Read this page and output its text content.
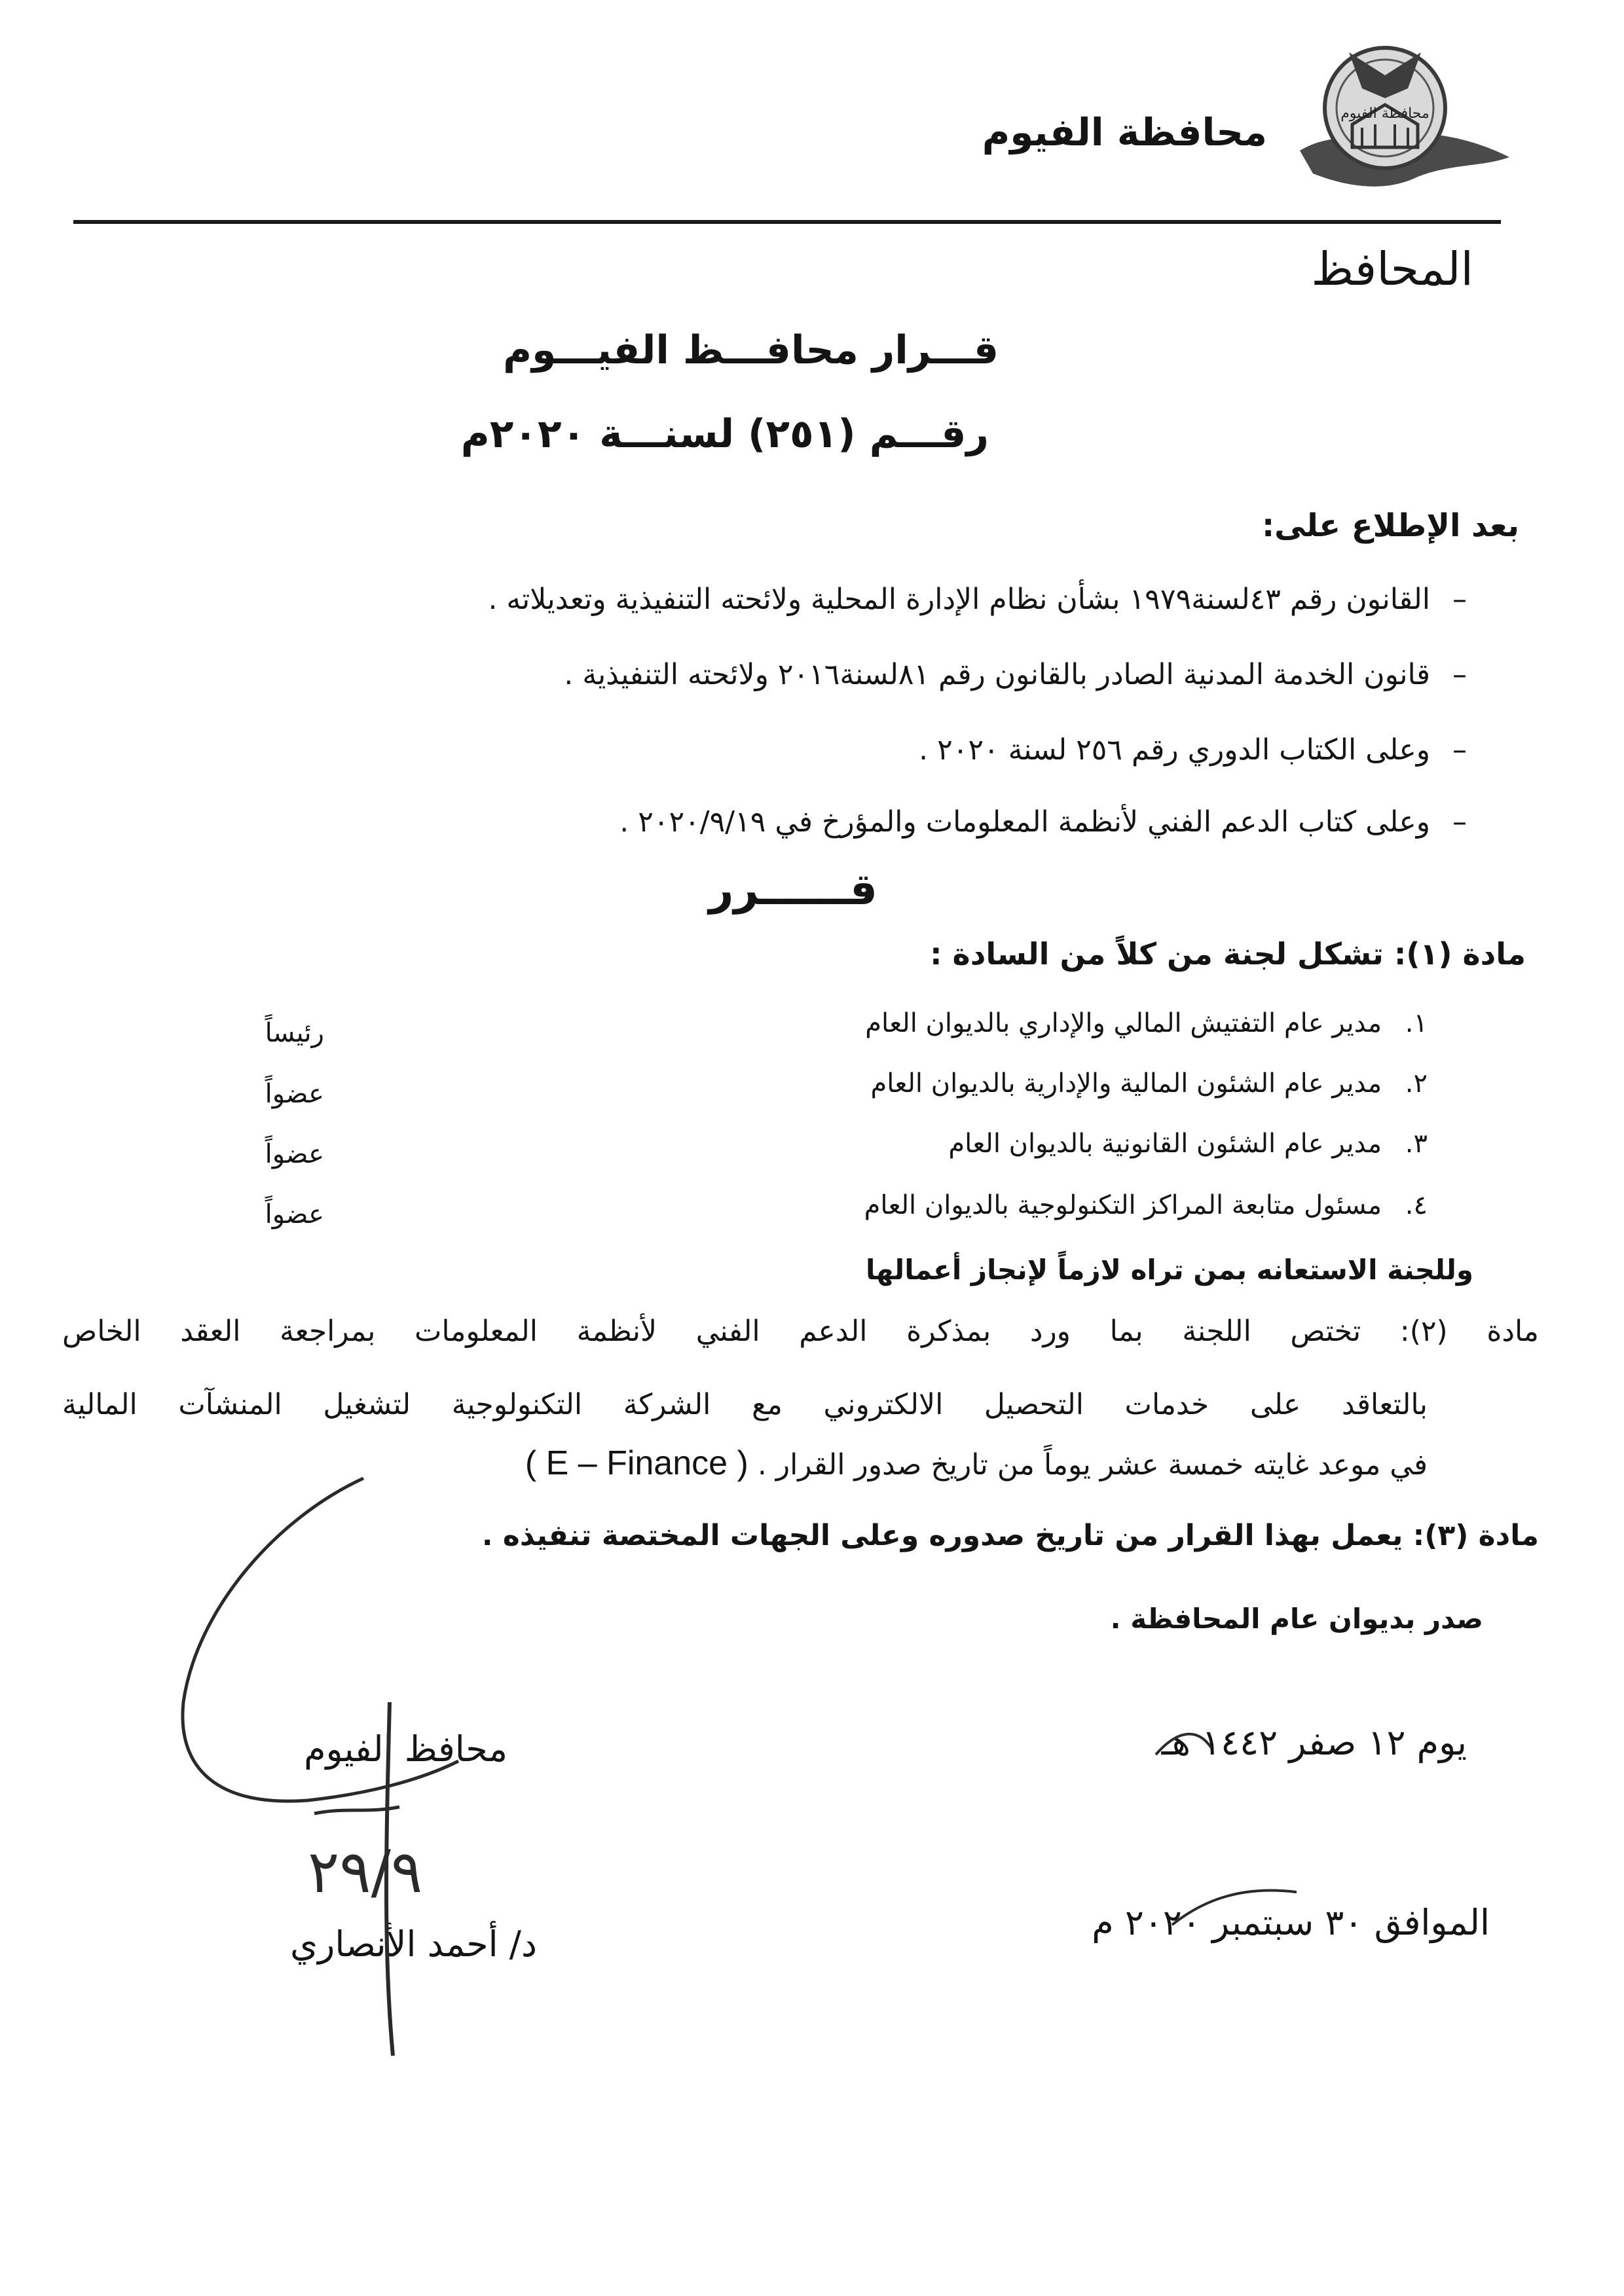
محافظة الفيوم
محافظة الفيوم
المحافظ
قـــرار محافـــظ الفيـــوم
رقـــم (٢٥١) لسنـــة ٢٠٢٠م
بعد الإطلاع على:
–القانون رقم ٤٣لسنة١٩٧٩ بشأن نظام الإدارة المحلية ولائحته التنفيذية وتعديلاته .
–قانون الخدمة المدنية الصادر بالقانون رقم ٨١لسنة٢٠١٦ ولائحته التنفيذية .
–وعلى الكتاب الدوري رقم ٢٥٦ لسنة ٢٠٢٠ .
–وعلى كتاب الدعم الفني لأنظمة المعلومات والمؤرخ في ٢٠٢٠/٩/١٩ .
قــــــرر
مادة (١): تشكل لجنة من كلاً من السادة :
١.مدير عام التفتيش المالي والإداري بالديوان العام
رئيساً
٢.مدير عام الشئون المالية والإدارية بالديوان العام
عضواً
٣.مدير عام الشئون القانونية بالديوان العام
عضواً
٤.مسئول متابعة المراكز التكنولوجية بالديوان العام
عضواً
وللجنة الاستعانه بمن تراه لازماً لإنجاز أعمالها
مادة (٢): تختص اللجنة بما ورد بمذكرة الدعم الفني لأنظمة المعلومات بمراجعة العقد الخاص
بالتعاقد على خدمات التحصيل الالكتروني مع الشركة التكنولوجية لتشغيل المنشآت المالية
في موعد غايته خمسة عشر يوماً من تاريخ صدور القرار . ( E – Finance )
مادة (٣): يعمل بهذا القرار من تاريخ صدوره وعلى الجهات المختصة تنفيذه .
صدر بديوان عام المحافظة .
يوم ١٢ صفر ١٤٤٢ هـ
الموافق ٣٠ سبتمبر ٢٠٢٠ م
محافظ الفيوم
د/ أحمد الأنصاري
٢٩/٩
